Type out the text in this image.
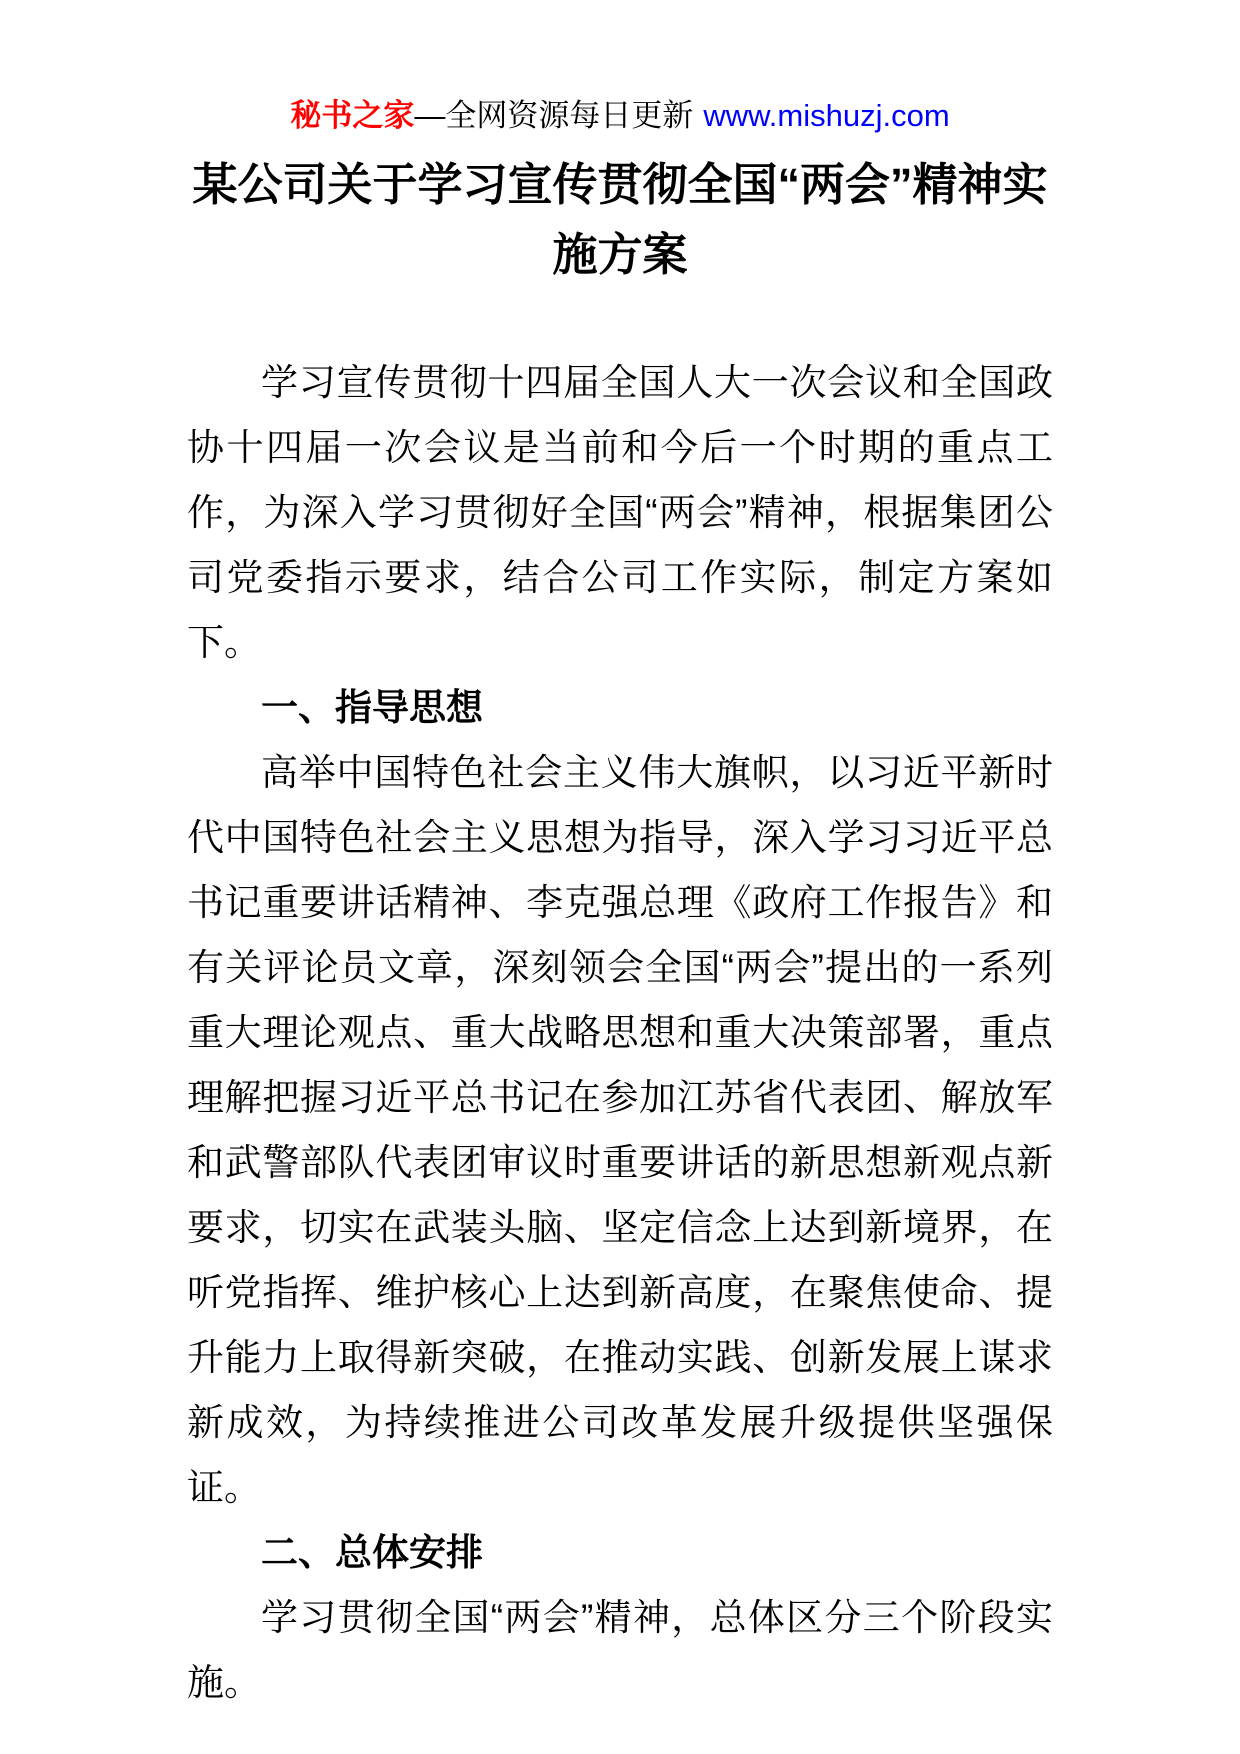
秘书之家—全网资源每日更新 www.mishuzj.com
某公司关于学习宣传贯彻全国“两会”精神实施方案

学习宣传贯彻十四届全国人大一次会议和全国政协十四届一次会议是当前和今后一个时期的重点工作，为深入学习贯彻好全国“两会”精神，根据集团公司党委指示要求，结合公司工作实际，制定方案如下。

一、指导思想

高举中国特色社会主义伟大旗帜，以习近平新时代中国特色社会主义思想为指导，深入学习习近平总书记重要讲话精神、李克强总理《政府工作报告》和有关评论员文章，深刻领会全国“两会”提出的一系列重大理论观点、重大战略思想和重大决策部署，重点理解把握习近平总书记在参加江苏省代表团、解放军和武警部队代表团审议时重要讲话的新思想新观点新要求，切实在武装头脑、坚定信念上达到新境界，在听党指挥、维护核心上达到新高度，在聚焦使命、提升能力上取得新突破，在推动实践、创新发展上谋求新成效，为持续推进公司改革发展升级提供坚强保证。

二、总体安排

学习贯彻全国“两会”精神，总体区分三个阶段实施。
